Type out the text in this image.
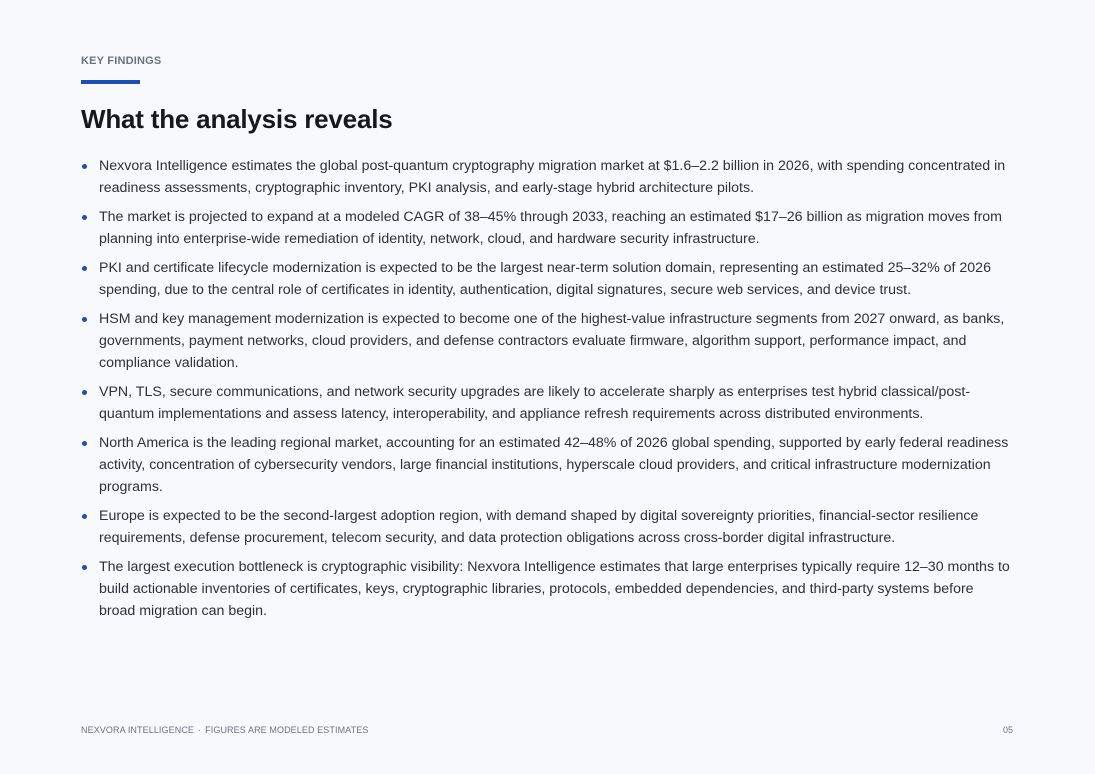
KEY FINDINGS
What the analysis reveals
Nexvora Intelligence estimates the global post-quantum cryptography migration market at $1.6–2.2 billion in 2026, with spending concentrated in readiness assessments, cryptographic inventory, PKI analysis, and early-stage hybrid architecture pilots.
The market is projected to expand at a modeled CAGR of 38–45% through 2033, reaching an estimated $17–26 billion as migration moves from planning into enterprise-wide remediation of identity, network, cloud, and hardware security infrastructure.
PKI and certificate lifecycle modernization is expected to be the largest near-term solution domain, representing an estimated 25–32% of 2026 spending, due to the central role of certificates in identity, authentication, digital signatures, secure web services, and device trust.
HSM and key management modernization is expected to become one of the highest-value infrastructure segments from 2027 onward, as banks, governments, payment networks, cloud providers, and defense contractors evaluate firmware, algorithm support, performance impact, and compliance validation.
VPN, TLS, secure communications, and network security upgrades are likely to accelerate sharply as enterprises test hybrid classical/post-quantum implementations and assess latency, interoperability, and appliance refresh requirements across distributed environments.
North America is the leading regional market, accounting for an estimated 42–48% of 2026 global spending, supported by early federal readiness activity, concentration of cybersecurity vendors, large financial institutions, hyperscale cloud providers, and critical infrastructure modernization programs.
Europe is expected to be the second-largest adoption region, with demand shaped by digital sovereignty priorities, financial-sector resilience requirements, defense procurement, telecom security, and data protection obligations across cross-border digital infrastructure.
The largest execution bottleneck is cryptographic visibility: Nexvora Intelligence estimates that large enterprises typically require 12–30 months to build actionable inventories of certificates, keys, cryptographic libraries, protocols, embedded dependencies, and third-party systems before broad migration can begin.
NEXVORA INTELLIGENCE · FIGURES ARE MODELED ESTIMATES	05
